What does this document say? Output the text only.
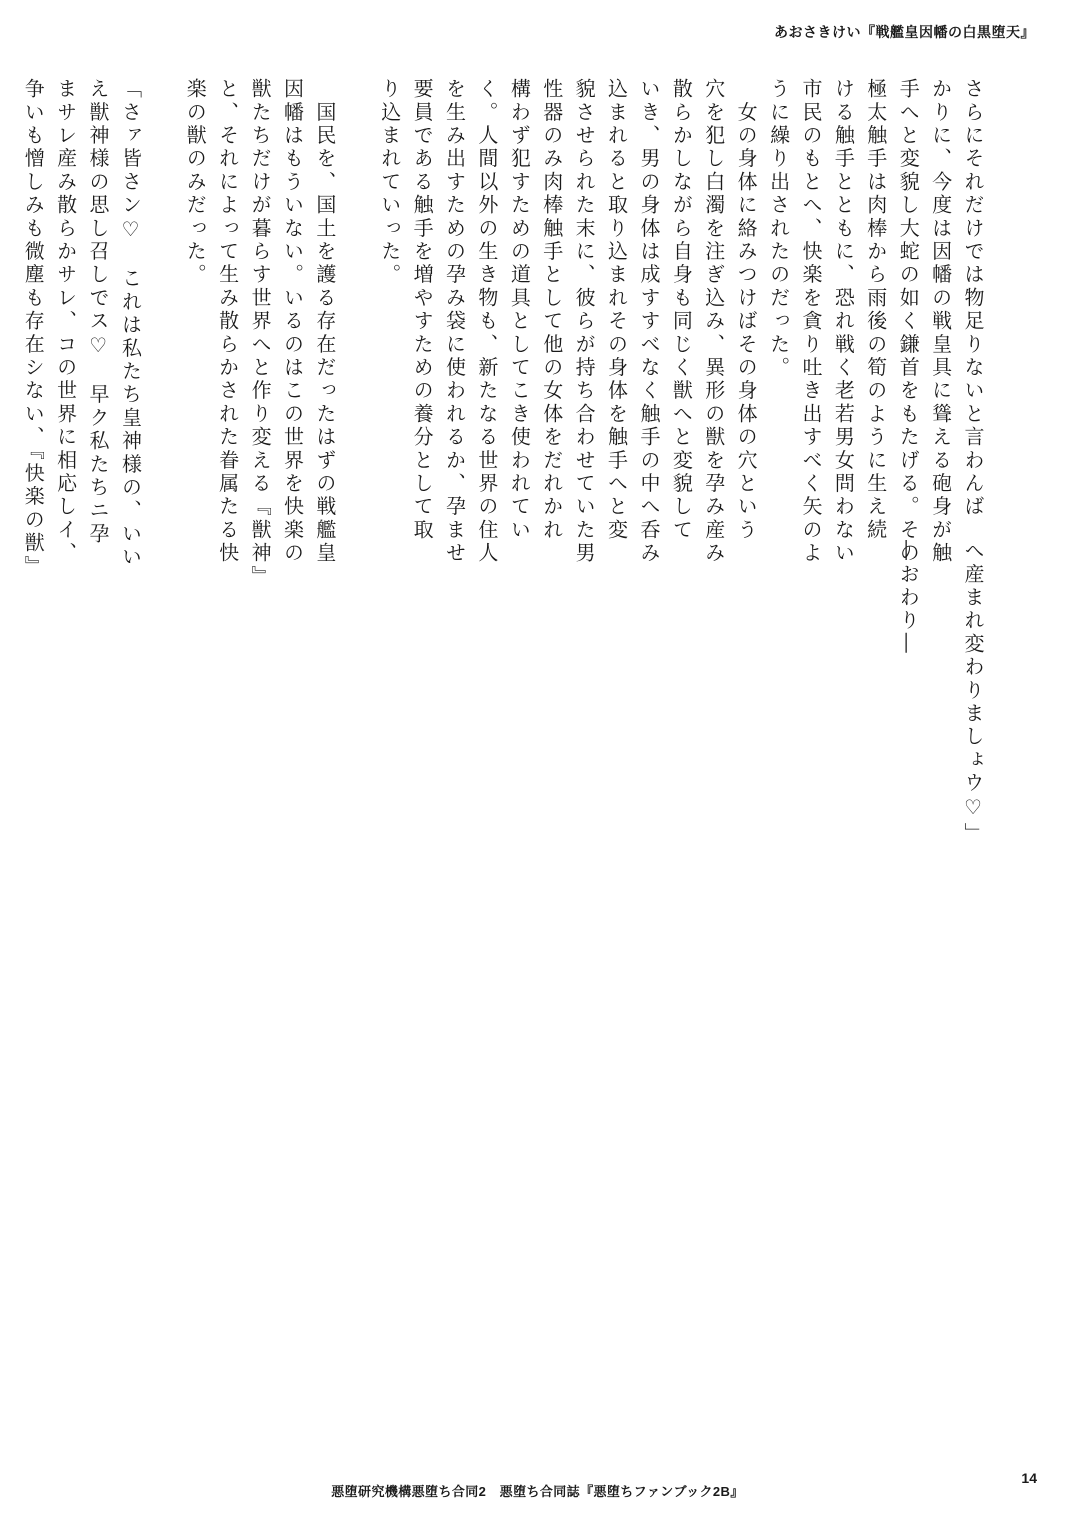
あおさきけい『戦艦皇因幡の白黒堕天』

さらにそれだけでは物足りないと言わんば

かりに、今度は因幡の戦皇具に聳える砲身が触

手へと変貌し大蛇の如く鎌首をもたげる。その

極太触手は肉棒から雨後の筍のように生え続

ける触手とともに、恐れ戦く老若男女問わない

市民のもとへ、快楽を貪り吐き出すべく矢のよ

うに繰り出されたのだった。

　女の身体に絡みつけばその身体の穴という

穴を犯し白濁を注ぎ込み、異形の獣を孕み産み

散らかしながら自身も同じく獣へと変貌して

いき、男の身体は成すすべなく触手の中へ呑み

込まれると取り込まれその身体を触手へと変

貌させられた末に、彼らが持ち合わせていた男

性器のみ肉棒触手として他の女体をだれかれ

構わず犯すための道具としてこき使われてい

く。人間以外の生き物も、新たなる世界の住人

を生み出すための孕み袋に使われるか、孕ませ

要員である触手を増やすための養分として取

り込まれていった。

　国民を、国土を護る存在だったはずの戦艦皇

因幡はもういない。いるのはこの世界を快楽の

獣たちだけが暮らす世界へと作り変える『獣神』

と、それによって生み散らかされた眷属たる快

楽の獣のみだった。

「さァ皆さン♡　これは私たち皇神様の、いい

え獣神様の思し召しでス♡　早ク私たちニ孕

まサレ産み散らかサレ、コの世界に相応しイ、

争いも憎しみも微塵も存在シない、『快楽の獣』

へ産まれ変わりましょウ♡」

―おわり―

悪堕研究機構悪堕ち合同2　悪堕ち合同誌『悪堕ちファンブック2B』
14
